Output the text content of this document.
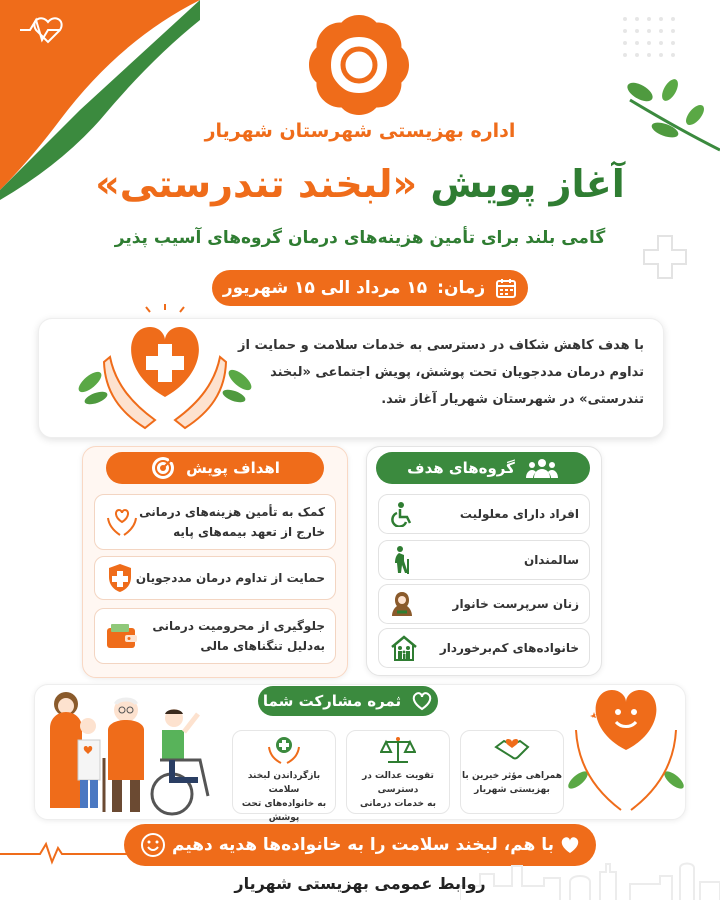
اداره بهزیستی شهرستان شهریار
آغاز پویش «لبخند تندرستی»
گامی بلند برای تأمین هزینه‌های درمان گروه‌های آسیب پذیر
زمان:
۱۵ مرداد الی ۱۵ شهریور
با هدف کاهش شکاف در دسترسی به خدمات سلامت و حمایت از تداوم درمان مددجویان تحت پوشش، پویش اجتماعی «لبخند تندرستی» در شهرستان شهریار آغاز شد.
گروه‌های هدف
افراد دارای معلولیت
سالمندان
زنان سرپرست خانوار
خانواده‌های کم‌برخوردار
اهداف پویش
کمک به تأمین هزینه‌های درمانی
خارج از تعهد بیمه‌های پایه
حمایت از تداوم درمان مددجویان
جلوگیری از محرومیت درمانی
به‌دلیل تنگناهای مالی
ثمره مشارکت شما
همراهی مؤثر خیرین با
بهزیستی شهریار
تقویت عدالت در دسترسی
به خدمات درمانی
بازگرداندن لبخند سلامت
به خانواده‌های تحت پوشش
با هم، لبخند سلامت را به خانواده‌ها هدیه دهیم
روابط عمومی بهزیستی شهریار
